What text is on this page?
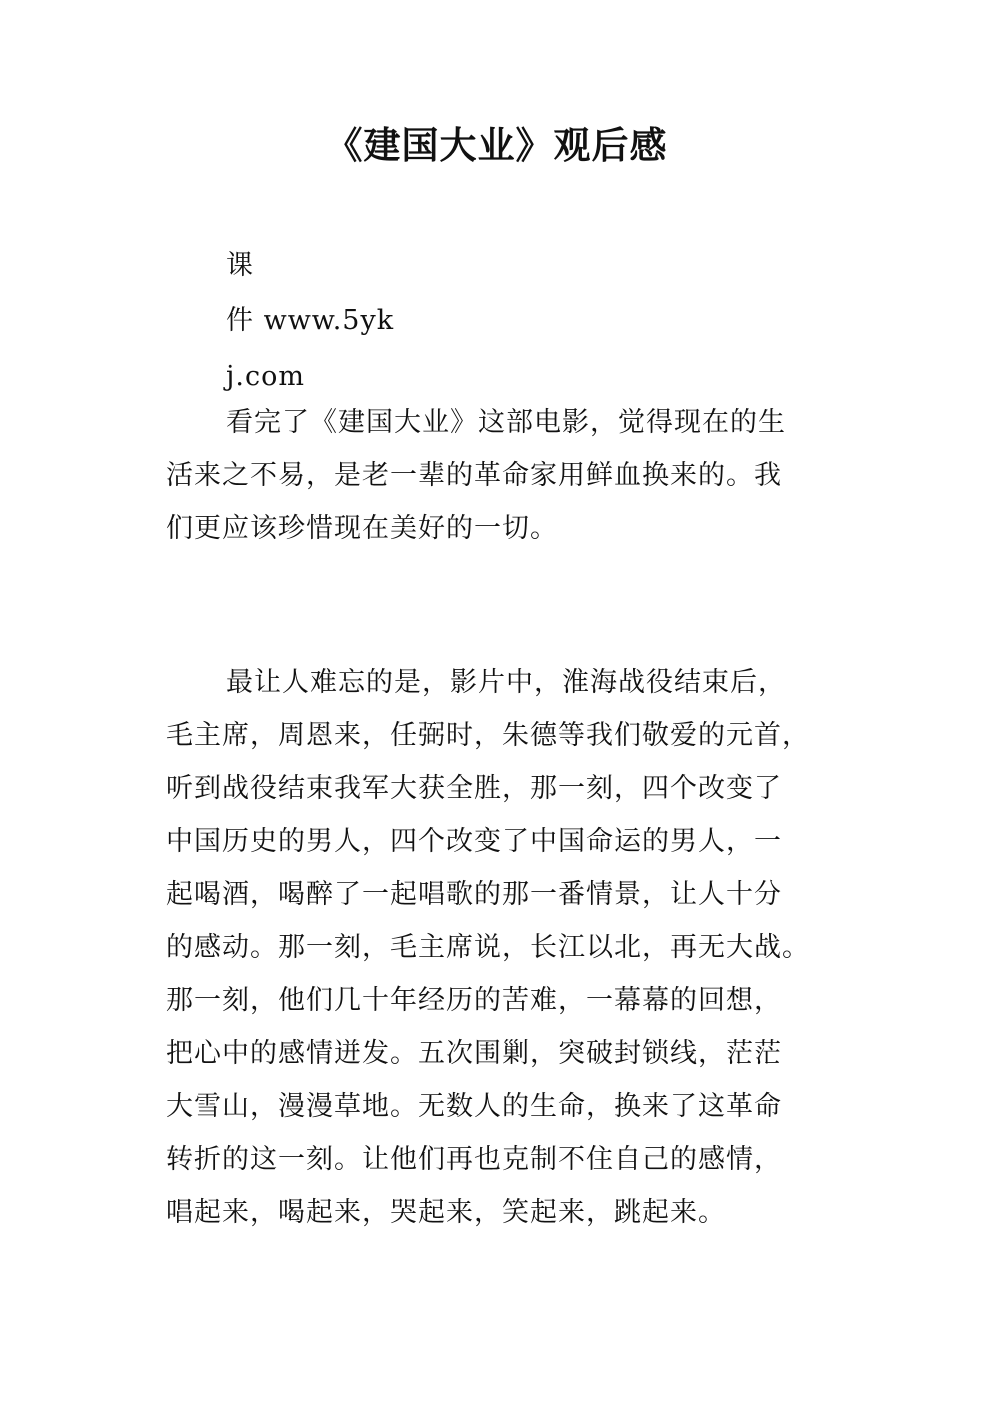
《建国大业》观后感
课
件 www.5yk
j.com
看完了《建国大业》这部电影，觉得现在的生
活来之不易，是老一辈的革命家用鲜血换来的。我
们更应该珍惜现在美好的一切。
最让人难忘的是，影片中，淮海战役结束后，
毛主席，周恩来，任弼时，朱德等我们敬爱的元首，
听到战役结束我军大获全胜，那一刻，四个改变了
中国历史的男人，四个改变了中国命运的男人，一
起喝酒，喝醉了一起唱歌的那一番情景，让人十分
的感动。那一刻，毛主席说，长江以北，再无大战。
那一刻，他们几十年经历的苦难，一幕幕的回想，
把心中的感情迸发。五次围剿，突破封锁线，茫茫
大雪山，漫漫草地。无数人的生命，换来了这革命
转折的这一刻。让他们再也克制不住自己的感情，
唱起来，喝起来，哭起来，笑起来，跳起来。
